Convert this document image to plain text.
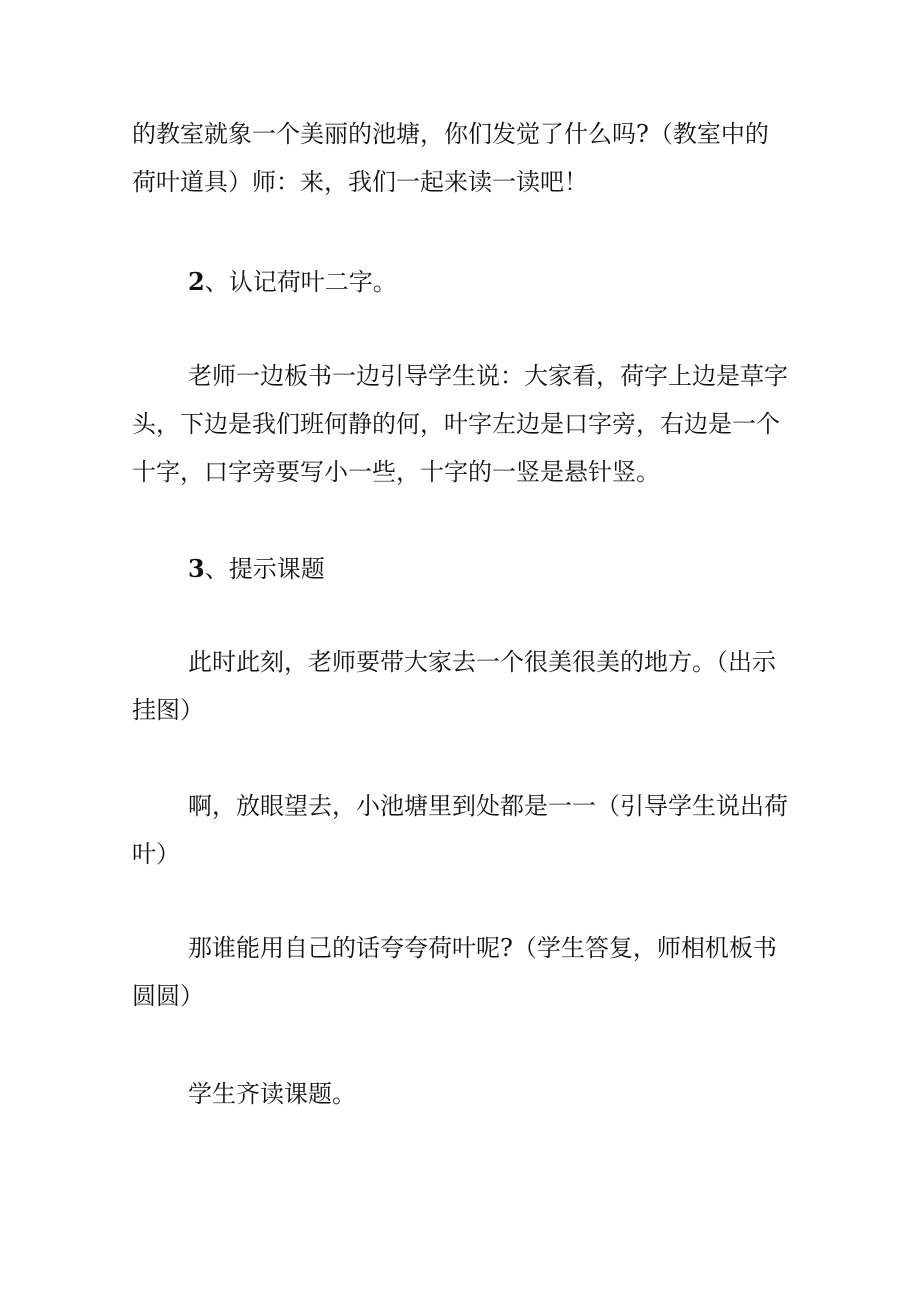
的教室就象一个美丽的池塘，你们发觉了什么吗?（教室中的荷叶道具）师：来，我们一起来读一读吧！

2、认记荷叶二字。

老师一边板书一边引导学生说：大家看，荷字上边是草字头，下边是我们班何静的何，叶字左边是口字旁，右边是一个十字，口字旁要写小一些，十字的一竖是悬针竖。

3、提示课题

此时此刻，老师要带大家去一个很美很美的地方。（出示挂图）

啊，放眼望去，小池塘里到处都是一一（引导学生说出荷叶）

那谁能用自己的话夸夸荷叶呢?（学生答复，师相机板书圆圆）

学生齐读课题。
